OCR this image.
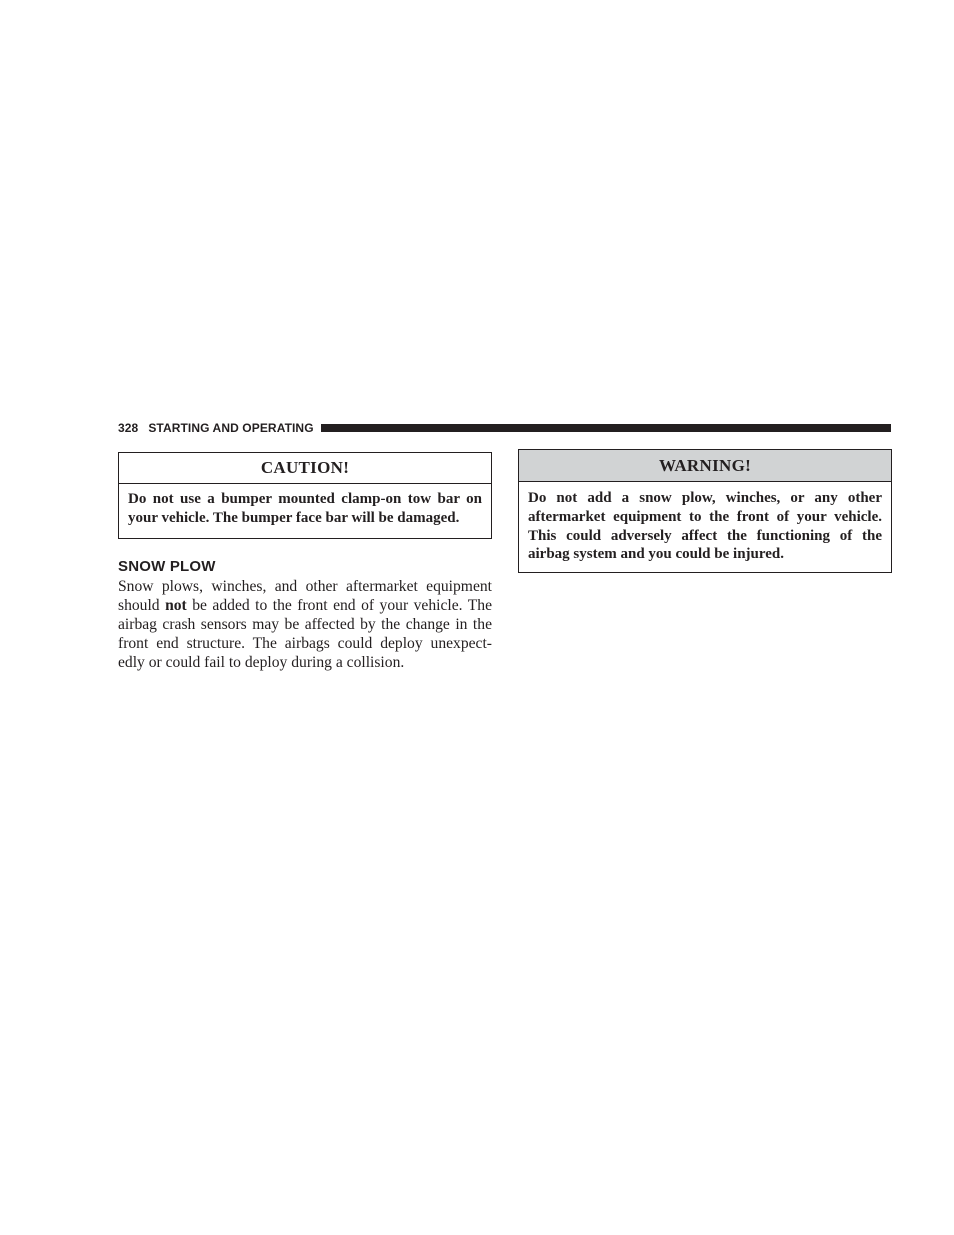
328 STARTING AND OPERATING
CAUTION!
Do not use a bumper mounted clamp-on tow bar on your vehicle. The bumper face bar will be damaged.
SNOW PLOW

Snow plows, winches, and other aftermarket equipment
should not be added to the front end of your vehicle. The
airbag crash sensors may be affected by the change in the
front end structure. The airbags could deploy unexpect-
edly or could fail to deploy during a collision.

WARNING!
Do not add a snow plow, winches, or any other aftermarket equipment to the front of your vehicle. This could adversely affect the functioning of the airbag system and you could be injured.
